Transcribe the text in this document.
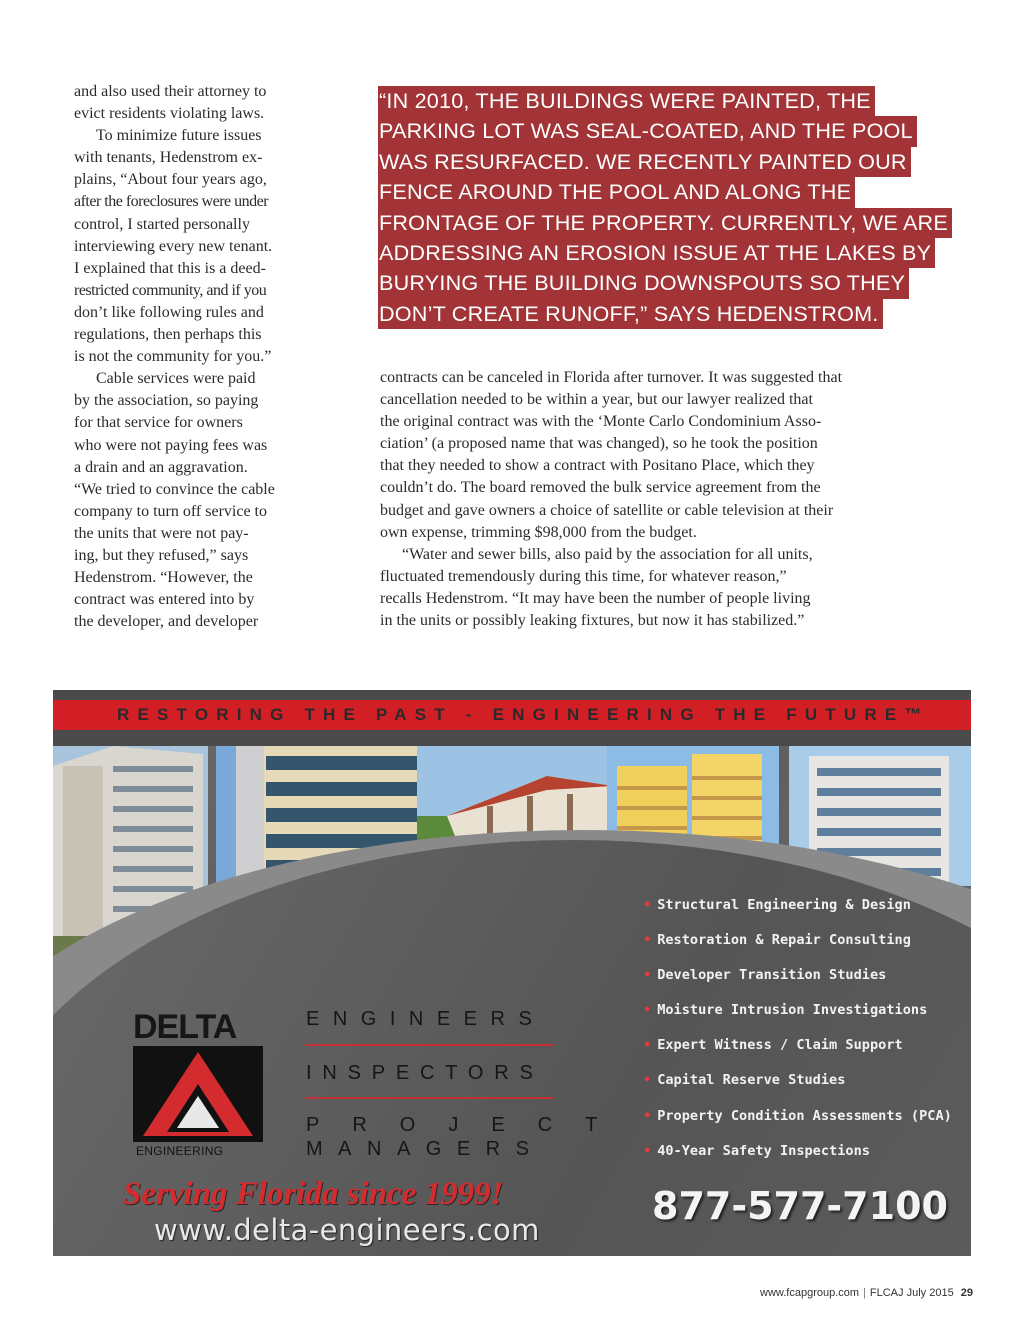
and also used their attorney to
evict residents violating laws.

To minimize future issues
with tenants, Hedenstrom ex-
plains, “About four years ago,
after the foreclosures were under
control, I started personally
interviewing every new tenant.
I explained that this is a deed-
restricted community, and if you
don’t like following rules and
regulations, then perhaps this
is not the community for you.”

Cable services were paid
by the association, so paying
for that service for owners
who were not paying fees was
a drain and an aggravation.
“We tried to convince the cable
company to turn off service to
the units that were not pay-
ing, but they refused,” says
Hedenstrom. “However, the
contract was entered into by
the developer, and developer

“IN 2010, THE BUILDINGS WERE PAINTED, THE
PARKING LOT WAS SEAL-COATED, AND THE POOL
WAS RESURFACED. WE RECENTLY PAINTED OUR
FENCE AROUND THE POOL AND ALONG THE
FRONTAGE OF THE PROPERTY. CURRENTLY, WE ARE
ADDRESSING AN EROSION ISSUE AT THE LAKES BY
BURYING THE BUILDING DOWNSPOUTS SO THEY
DON’T CREATE RUNOFF,” SAYS HEDENSTROM.

contracts can be canceled in Florida after turnover. It was suggested that
cancellation needed to be within a year, but our lawyer realized that
the original contract was with the ‘Monte Carlo Condominium Asso-
ciation’ (a proposed name that was changed), so he took the position
that they needed to show a contract with Positano Place, which they
couldn’t do. The board removed the bulk service agreement from the
budget and gave owners a choice of satellite or cable television at their
own expense, trimming $98,000 from the budget.

“Water and sewer bills, also paid by the association for all units,
fluctuated tremendously during this time, for whatever reason,”
recalls Hedenstrom. “It may have been the number of people living
in the units or possibly leaking fixtures, but now it has stabilized.”

RESTORING THE PAST - ENGINEERING THE FUTURE™
• Structural Engineering & Design
• Restoration & Repair Consulting
• Developer Transition Studies
• Moisture Intrusion Investigations
• Expert Witness / Claim Support
• Capital Reserve Studies
• Property Condition Assessments (PCA)
• 40-Year Safety Inspections
DELTA
ENGINEERING
ENGINEERS
INSPECTORS
PROJECT
MANAGERS
Serving Florida since 1999!
www.delta-engineers.com
877-577-7100
www.fcapgroup.com | FLCAJ July 2015 29
